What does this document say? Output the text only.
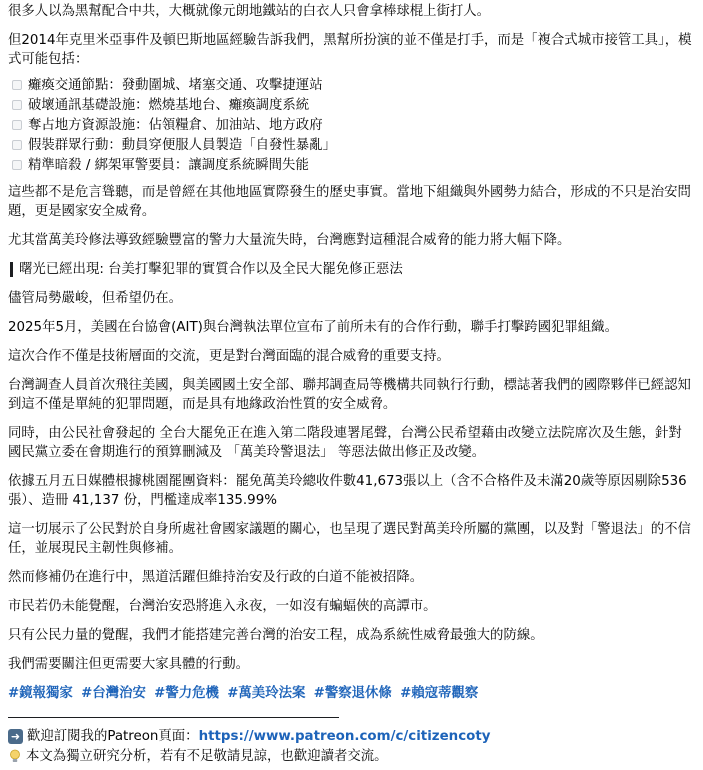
很多人以為黑幫配合中共，大概就像元朗地鐵站的白衣人只會拿棒球棍上街打人。

但2014年克里米亞事件及頓巴斯地區經驗告訴我們，黑幫所扮演的並不僅是打手，而是「複合式城市接管工具」，模式可能包括：

癱瘓交通節點：發動圍城、堵塞交通、攻擊捷運站
破壞通訊基礎設施：燃燒基地台、癱瘓調度系統
奪占地方資源設施：佔領糧倉、加油站、地方政府
假裝群眾行動：動員穿便服人員製造「自發性暴亂」
精準暗殺 / 綁架軍警要員：讓調度系統瞬間失能

這些都不是危言聳聽，而是曾經在其他地區實際發生的歷史事實。當地下組織與外國勢力結合，形成的不只是治安問題，更是國家安全威脅。

尤其當萬美玲修法導致經驗豐富的警力大量流失時，台灣應對這種混合威脅的能力將大幅下降。

曙光已經出現: 台美打擊犯罪的實質合作以及全民大罷免修正惡法

儘管局勢嚴峻，但希望仍在。

2025年5月，美國在台協會(AIT)與台灣執法單位宣布了前所未有的合作行動，聯手打擊跨國犯罪組織。

這次合作不僅是技術層面的交流，更是對台灣面臨的混合威脅的重要支持。

台灣調查人員首次飛往美國，與美國國土安全部、聯邦調查局等機構共同執行行動，標誌著我們的國際夥伴已經認知到這不僅是單純的犯罪問題，而是具有地緣政治性質的安全威脅。

同時，由公民社會發起的 全台大罷免正在進入第二階段連署尾聲，台灣公民希望藉由改變立法院席次及生態，針對國民黨立委在會期進行的預算刪減及 「萬美玲警退法」 等惡法做出修正及改變。

依據五月五日媒體根據桃園罷團資料：罷免萬美玲總收件數41,673張以上（含不合格件及未滿20歲等原因剔除536張）、造冊 41,137 份，門檻達成率135.99%

這一切展示了公民對於自身所處社會國家議題的關心，也呈現了選民對萬美玲所屬的黨團，以及對「警退法」的不信任，並展現民主韌性與修補。

然而修補仍在進行中，黑道活躍但維持治安及行政的白道不能被招降。

市民若仍未能覺醒，台灣治安恐將進入永夜，一如沒有蝙蝠俠的高譚市。

只有公民力量的覺醒，我們才能搭建完善台灣的治安工程，成為系統性威脅最強大的防線。

我們需要關注但更需要大家具體的行動。

#鏡報獨家 #台灣治安 #警力危機 #萬美玲法案 #警察退休條 #賴寇蒂觀察
➜ 歡迎訂閱我的Patreon頁面： https://www.patreon.com/c/citizencoty
本文為獨立研究分析，若有不足敬請見諒，也歡迎讀者交流。
